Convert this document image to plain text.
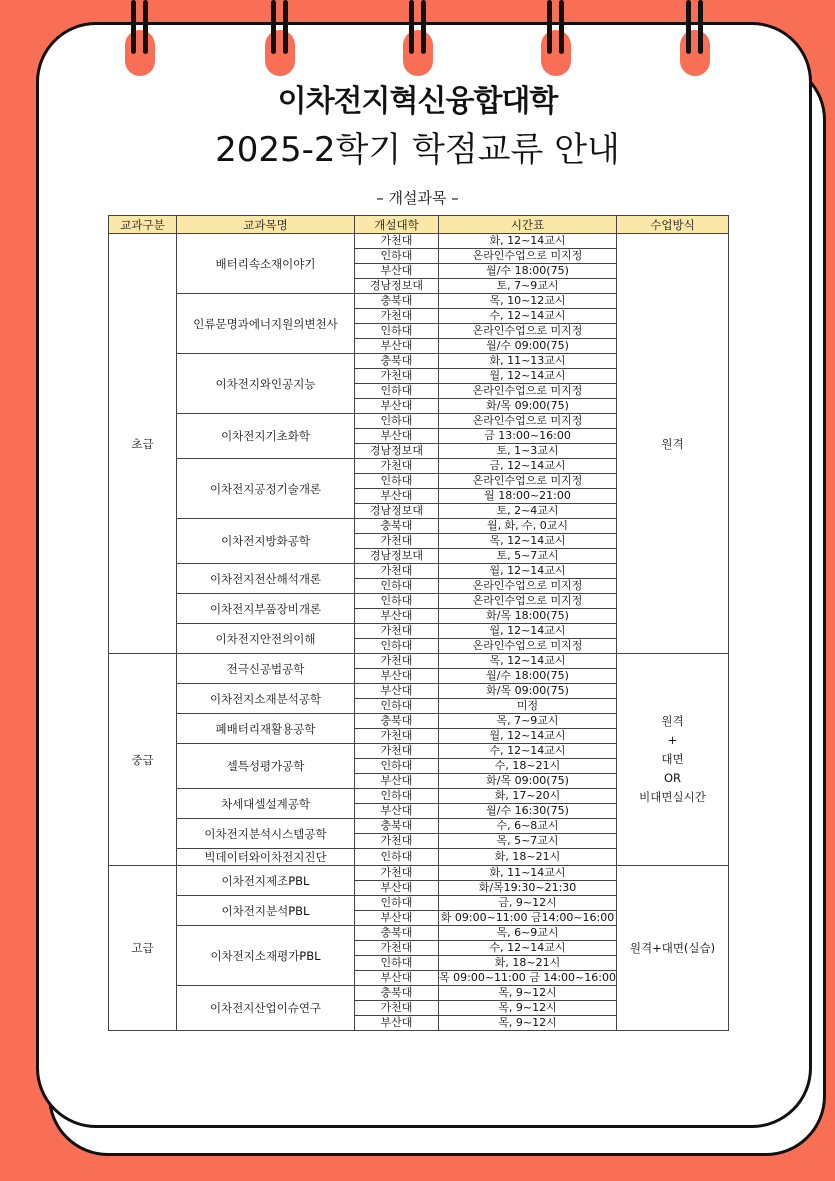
이차전지혁신융합대학
2025-2학기 학점교류 안내
– 개설과목 –
교과구분	교과목명	개설대학	시간표	수업방식
초급	배터리속소재이야기	가천대	화, 12~14교시	원격
		인하대	온라인수업으로 미지정	
		부산대	월/수 18:00(75)	
		경남정보대	토, 7~9교시	
	인류문명과에너지원의변천사	충북대	목, 10~12교시	
		가천대	수, 12~14교시	
		인하대	온라인수업으로 미지정	
		부산대	월/수 09:00(75)	
	이차전지와인공지능	충북대	화, 11~13교시	
		가천대	월, 12~14교시	
		인하대	온라인수업으로 미지정	
		부산대	화/목 09:00(75)	
	이차전지기초화학	인하대	온라인수업으로 미지정	
		부산대	금 13:00~16:00	
		경남정보대	토, 1~3교시	
	이차전지공정기술개론	가천대	금, 12~14교시	
		인하대	온라인수업으로 미지정	
		부산대	월 18:00~21:00	
		경남정보대	토, 2~4교시	
	이차전지방화공학	충북대	월, 화, 수, 0교시	
		가천대	목, 12~14교시	
		경남정보대	토, 5~7교시	
	이차전지전산해석개론	가천대	월, 12~14교시	
		인하대	온라인수업으로 미지정	
	이차전지부품장비개론	인하대	온라인수업으로 미지정	
		부산대	화/목 18:00(75)	
	이차전지안전의이해	가천대	월, 12~14교시	
		인하대	온라인수업으로 미지정	
중급	전극신공법공학	가천대	목, 12~14교시	원격
+
대면
OR
비대면실시간

		부산대	월/수 18:00(75)	
	이차전지소재분석공학	부산대	화/목 09:00(75)	
		인하대	미정	
	폐배터리재활용공학	충북대	목, 7~9교시	
		가천대	월, 12~14교시	
	셀특성평가공학	가천대	수, 12~14교시	
		인하대	수, 18~21시	
		부산대	화/목 09:00(75)	
	차세대셀설계공학	인하대	화, 17~20시	
		부산대	월/수 16:30(75)	
	이차전지분석시스템공학	충북대	수, 6~8교시	
		가천대	목, 5~7교시	
	빅데이터와이차전지진단	인하대	화, 18~21시	
고급	이차전지제조PBL	가천대	화, 11~14교시	원격+대면(실습)
		부산대	화/목19:30~21:30	
	이차전지분석PBL	인하대	금, 9~12시	
		부산대	화 09:00~11:00 금14:00~16:00	
	이차전지소재평가PBL	충북대	목, 6~9교시	
		가천대	수, 12~14교시	
		인하대	화, 18~21시	
		부산대	목 09:00~11:00 금 14:00~16:00	
	이차전지산업이슈연구	충북대	목, 9~12시	
		가천대	목, 9~12시	
		부산대	목, 9~12시	
